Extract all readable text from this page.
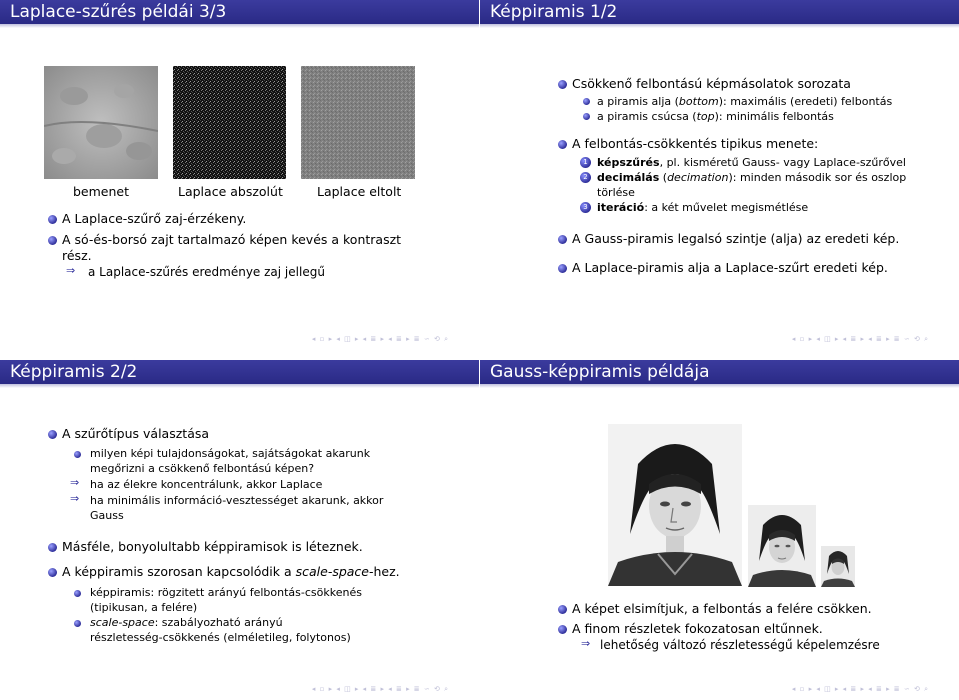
Laplace-szűrés példái 3/3
bemenet	Laplace abszolút	Laplace eltolt
A Laplace-szűrő zaj-érzékeny.
A só-és-borsó zajt tartalmazó képen kevés a kontraszt
rész.
⇒ a Laplace-szűrés eredménye zaj jellegű
◂ ▫ ▸ ◂ ◫ ▸ ◂ ≣ ▸ ◂ ≣ ▸ ≣ ∽ ⟲ ⌕
Képpiramis 1/2
Csökkenő felbontású képmásolatok sorozata
a piramis alja (bottom): maximális (eredeti) felbontás
a piramis csúcsa (top): minimális felbontás
A felbontás-csökkentés tipikus menete:
1 képszűrés, pl. kisméretű Gauss- vagy Laplace-szűrővel
2 decimálás (decimation): minden második sor és oszlop
törlése
3 iteráció: a két művelet megismétlése
A Gauss-piramis legalsó szintje (alja) az eredeti kép.
A Laplace-piramis alja a Laplace-szűrt eredeti kép.
◂ ▫ ▸ ◂ ◫ ▸ ◂ ≣ ▸ ◂ ≣ ▸ ≣ ∽ ⟲ ⌕
Képpiramis 2/2
A szűrőtípus választása
milyen képi tulajdonságokat, sajátságokat akarunk
megőrizni a csökkenő felbontású képen?
⇒ ha az élekre koncentrálunk, akkor Laplace
⇒ ha minimális információ-vesztességet akarunk, akkor
Gauss
Másféle, bonyolultabb képpiramisok is léteznek.
A képpiramis szorosan kapcsolódik a scale-space-hez.
képpiramis: rögzitett arányú felbontás-csökkenés
(tipikusan, a felére)
scale-space: szabályozható arányú
részletesség-csökkenés (elméletileg, folytonos)
◂ ▫ ▸ ◂ ◫ ▸ ◂ ≣ ▸ ◂ ≣ ▸ ≣ ∽ ⟲ ⌕
Gauss-képpiramis példája
A képet elsimítjuk, a felbontás a felére csökken.
A finom részletek fokozatosan eltűnnek.
⇒ lehetőség változó részletességű képelemzésre
◂ ▫ ▸ ◂ ◫ ▸ ◂ ≣ ▸ ◂ ≣ ▸ ≣ ∽ ⟲ ⌕
